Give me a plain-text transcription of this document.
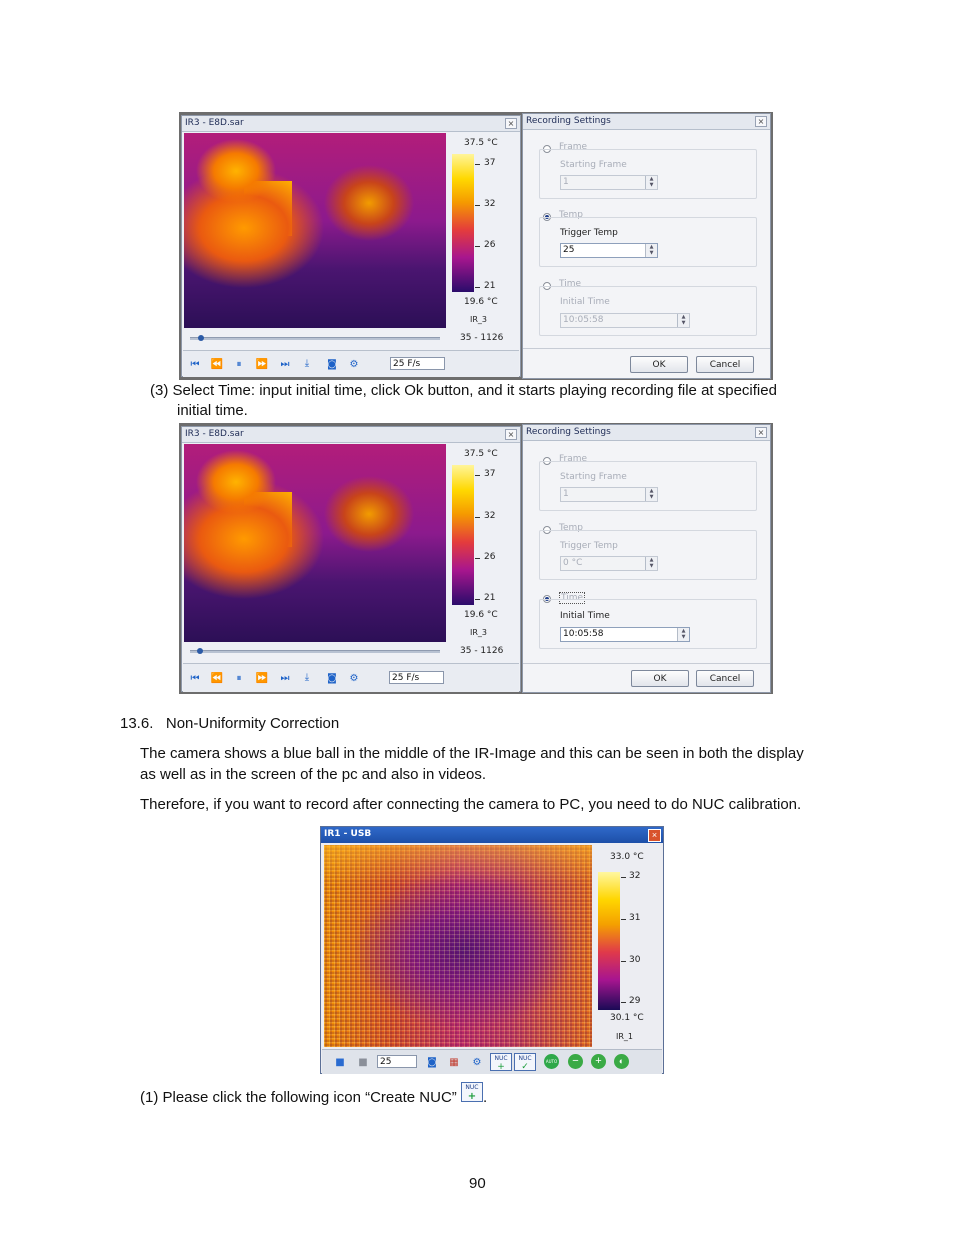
IR3 - E8D.sar	×
37.5 °C
37
32
26
21
19.6 °C
IR_3
35 - 1126
⏮ ⏪	⏸	⏩ ⏭	⤓	◙ ⚙	25 F/s
Recording Settings	×
Frame
Starting Frame
1	▲
▼
Temp
Trigger Temp
25	▲
▼
Time
Initial Time
10:05:58	▲
▼
OK	Cancel
(3) Select Time: input initial time, click Ok button, and it starts playing recording file at specified
initial time.
IR3 - E8D.sar	×
37.5 °C
37
32
26
21
19.6 °C
IR_3
35 - 1126
⏮ ⏪	⏸	⏩ ⏭	⤓	◙ ⚙	25 F/s
Recording Settings	×
Frame
Starting Frame
1	▲
▼
Temp
Trigger Temp
0 °C	▲
▼
Time
Initial Time
10:05:58	▲
▼
OK	Cancel
13.6.   Non-Uniformity Correction
The camera shows a blue ball in the middle of the IR-Image and this can be seen in both the display
as well as in the screen of the pc and also in videos.
Therefore, if you want to record after connecting the camera to PC, you need to do NUC calibration.
IR1 - USB	×
33.0 °C
32
31
30
29
30.1 °C
IR_1
■ ■	25	◙ ▦ ⚙	NUC
+
NUC
✓
AUTO	−	+	◐
(1) Please click the following icon “Create NUC” NUC
+ .
90
